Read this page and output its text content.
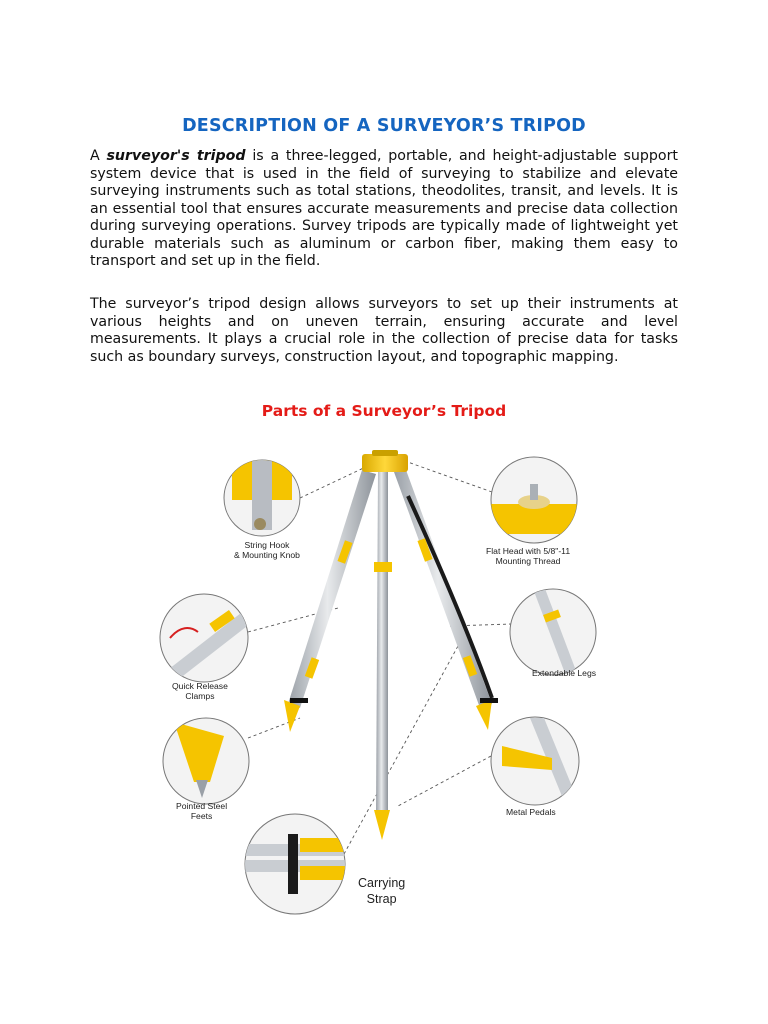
DESCRIPTION OF A SURVEYOR’S TRIPOD

A surveyor's tripod is a three-legged, portable, and height-adjustable support system device that is used in the field of surveying to stabilize and elevate surveying instruments such as total stations, theodolites, transit, and levels. It is an essential tool that ensures accurate measurements and precise data collection during surveying operations. Survey tripods are typically made of lightweight yet durable materials such as aluminum or carbon fiber, making them easy to transport and set up in the field.

The surveyor’s tripod design allows surveyors to set up their instruments at various heights and on uneven terrain, ensuring accurate and level measurements. It plays a crucial role in the collection of precise data for tasks such as boundary surveys, construction layout, and topographic mapping.

Parts of a Surveyor’s Tripod
String Hook
& Mounting Knob	Flat Head with 5/8"-11
Mounting Thread
Quick Release
Clamps
Extendable Legs
Pointed Steel
Feets	Metal Pedals
Carrying
Strap
